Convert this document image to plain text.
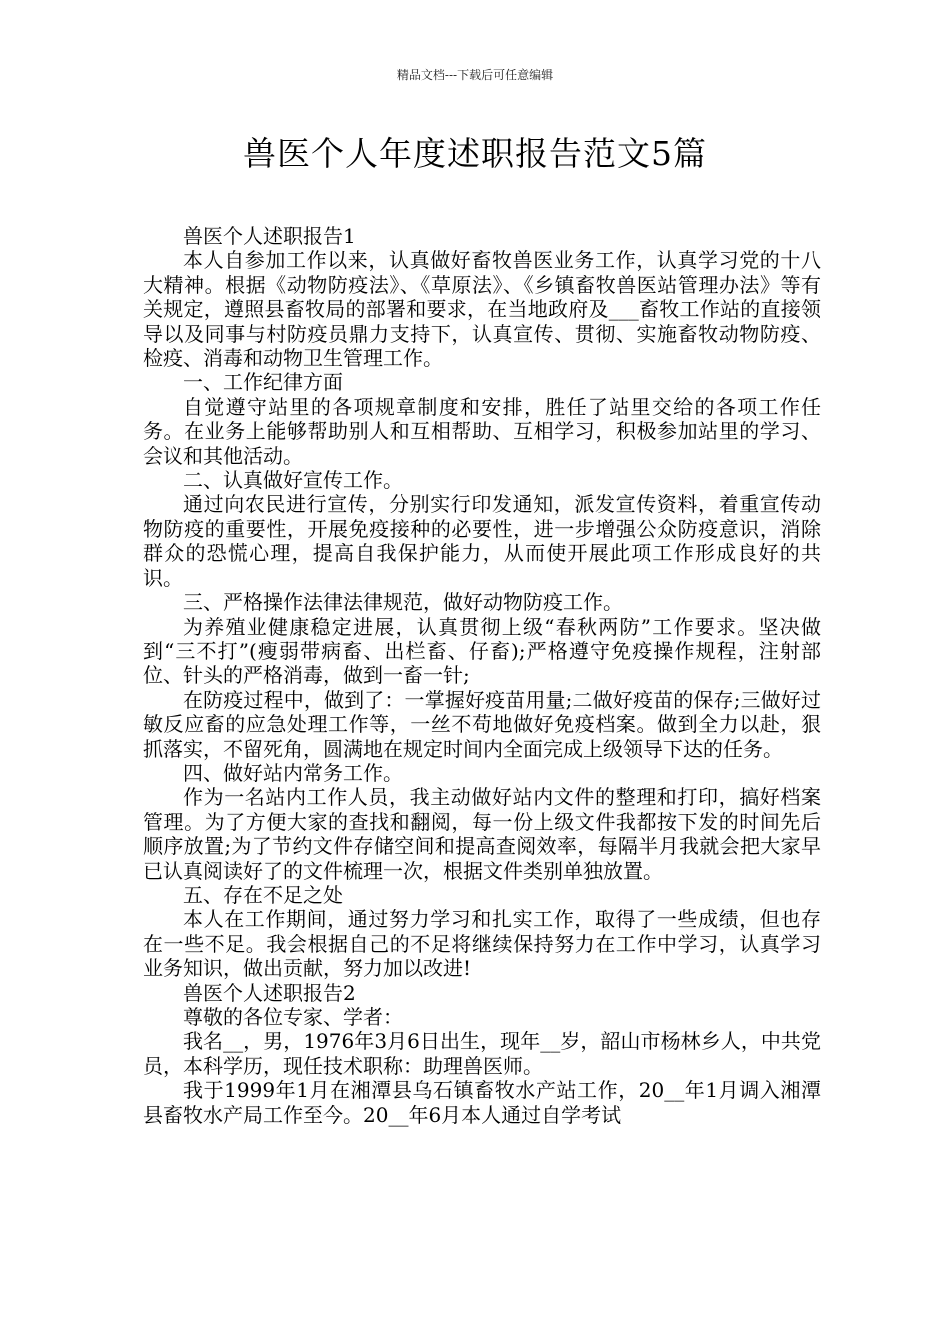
精品文档---下载后可任意编辑
兽医个人年度述职报告范文5篇

兽医个人述职报告1

本人自参加工作以来，认真做好畜牧兽医业务工作，认真学习党的十八大精神。根据《动物防疫法》、《草原法》、《乡镇畜牧兽医站管理办法》等有关规定，遵照县畜牧局的部署和要求，在当地政府及___畜牧工作站的直接领导以及同事与村防疫员鼎力支持下，认真宣传、贯彻、实施畜牧动物防疫、检疫、消毒和动物卫生管理工作。

一、工作纪律方面

自觉遵守站里的各项规章制度和安排，胜任了站里交给的各项工作任务。在业务上能够帮助别人和互相帮助、互相学习，积极参加站里的学习、会议和其他活动。

二、认真做好宣传工作。

通过向农民进行宣传，分别实行印发通知，派发宣传资料，着重宣传动物防疫的重要性，开展免疫接种的必要性，进一步增强公众防疫意识，消除群众的恐慌心理，提高自我保护能力，从而使开展此项工作形成良好的共识。

三、严格操作法律法律规范，做好动物防疫工作。

为养殖业健康稳定进展，认真贯彻上级“春秋两防”工作要求。坚决做到“三不打”(瘦弱带病畜、出栏畜、仔畜);严格遵守免疫操作规程，注射部位、针头的严格消毒，做到一畜一针;

在防疫过程中，做到了：一掌握好疫苗用量;二做好疫苗的保存;三做好过敏反应畜的应急处理工作等，一丝不苟地做好免疫档案。做到全力以赴，狠抓落实，不留死角，圆满地在规定时间内全面完成上级领导下达的任务。

四、做好站内常务工作。

作为一名站内工作人员，我主动做好站内文件的整理和打印，搞好档案管理。为了方便大家的查找和翻阅，每一份上级文件我都按下发的时间先后顺序放置;为了节约文件存储空间和提高查阅效率，每隔半月我就会把大家早已认真阅读好了的文件梳理一次，根据文件类别单独放置。

五、存在不足之处

本人在工作期间，通过努力学习和扎实工作，取得了一些成绩，但也存在一些不足。我会根据自己的不足将继续保持努力在工作中学习，认真学习业务知识，做出贡献，努力加以改进!

兽医个人述职报告2

尊敬的各位专家、学者：

我名__，男，1976年3月6日出生，现年__岁，韶山市杨林乡人，中共党员，本科学历，现任技术职称：助理兽医师。

我于1999年1月在湘潭县乌石镇畜牧水产站工作，20__年1月调入湘潭县畜牧水产局工作至今。20__年6月本人通过自学考试
